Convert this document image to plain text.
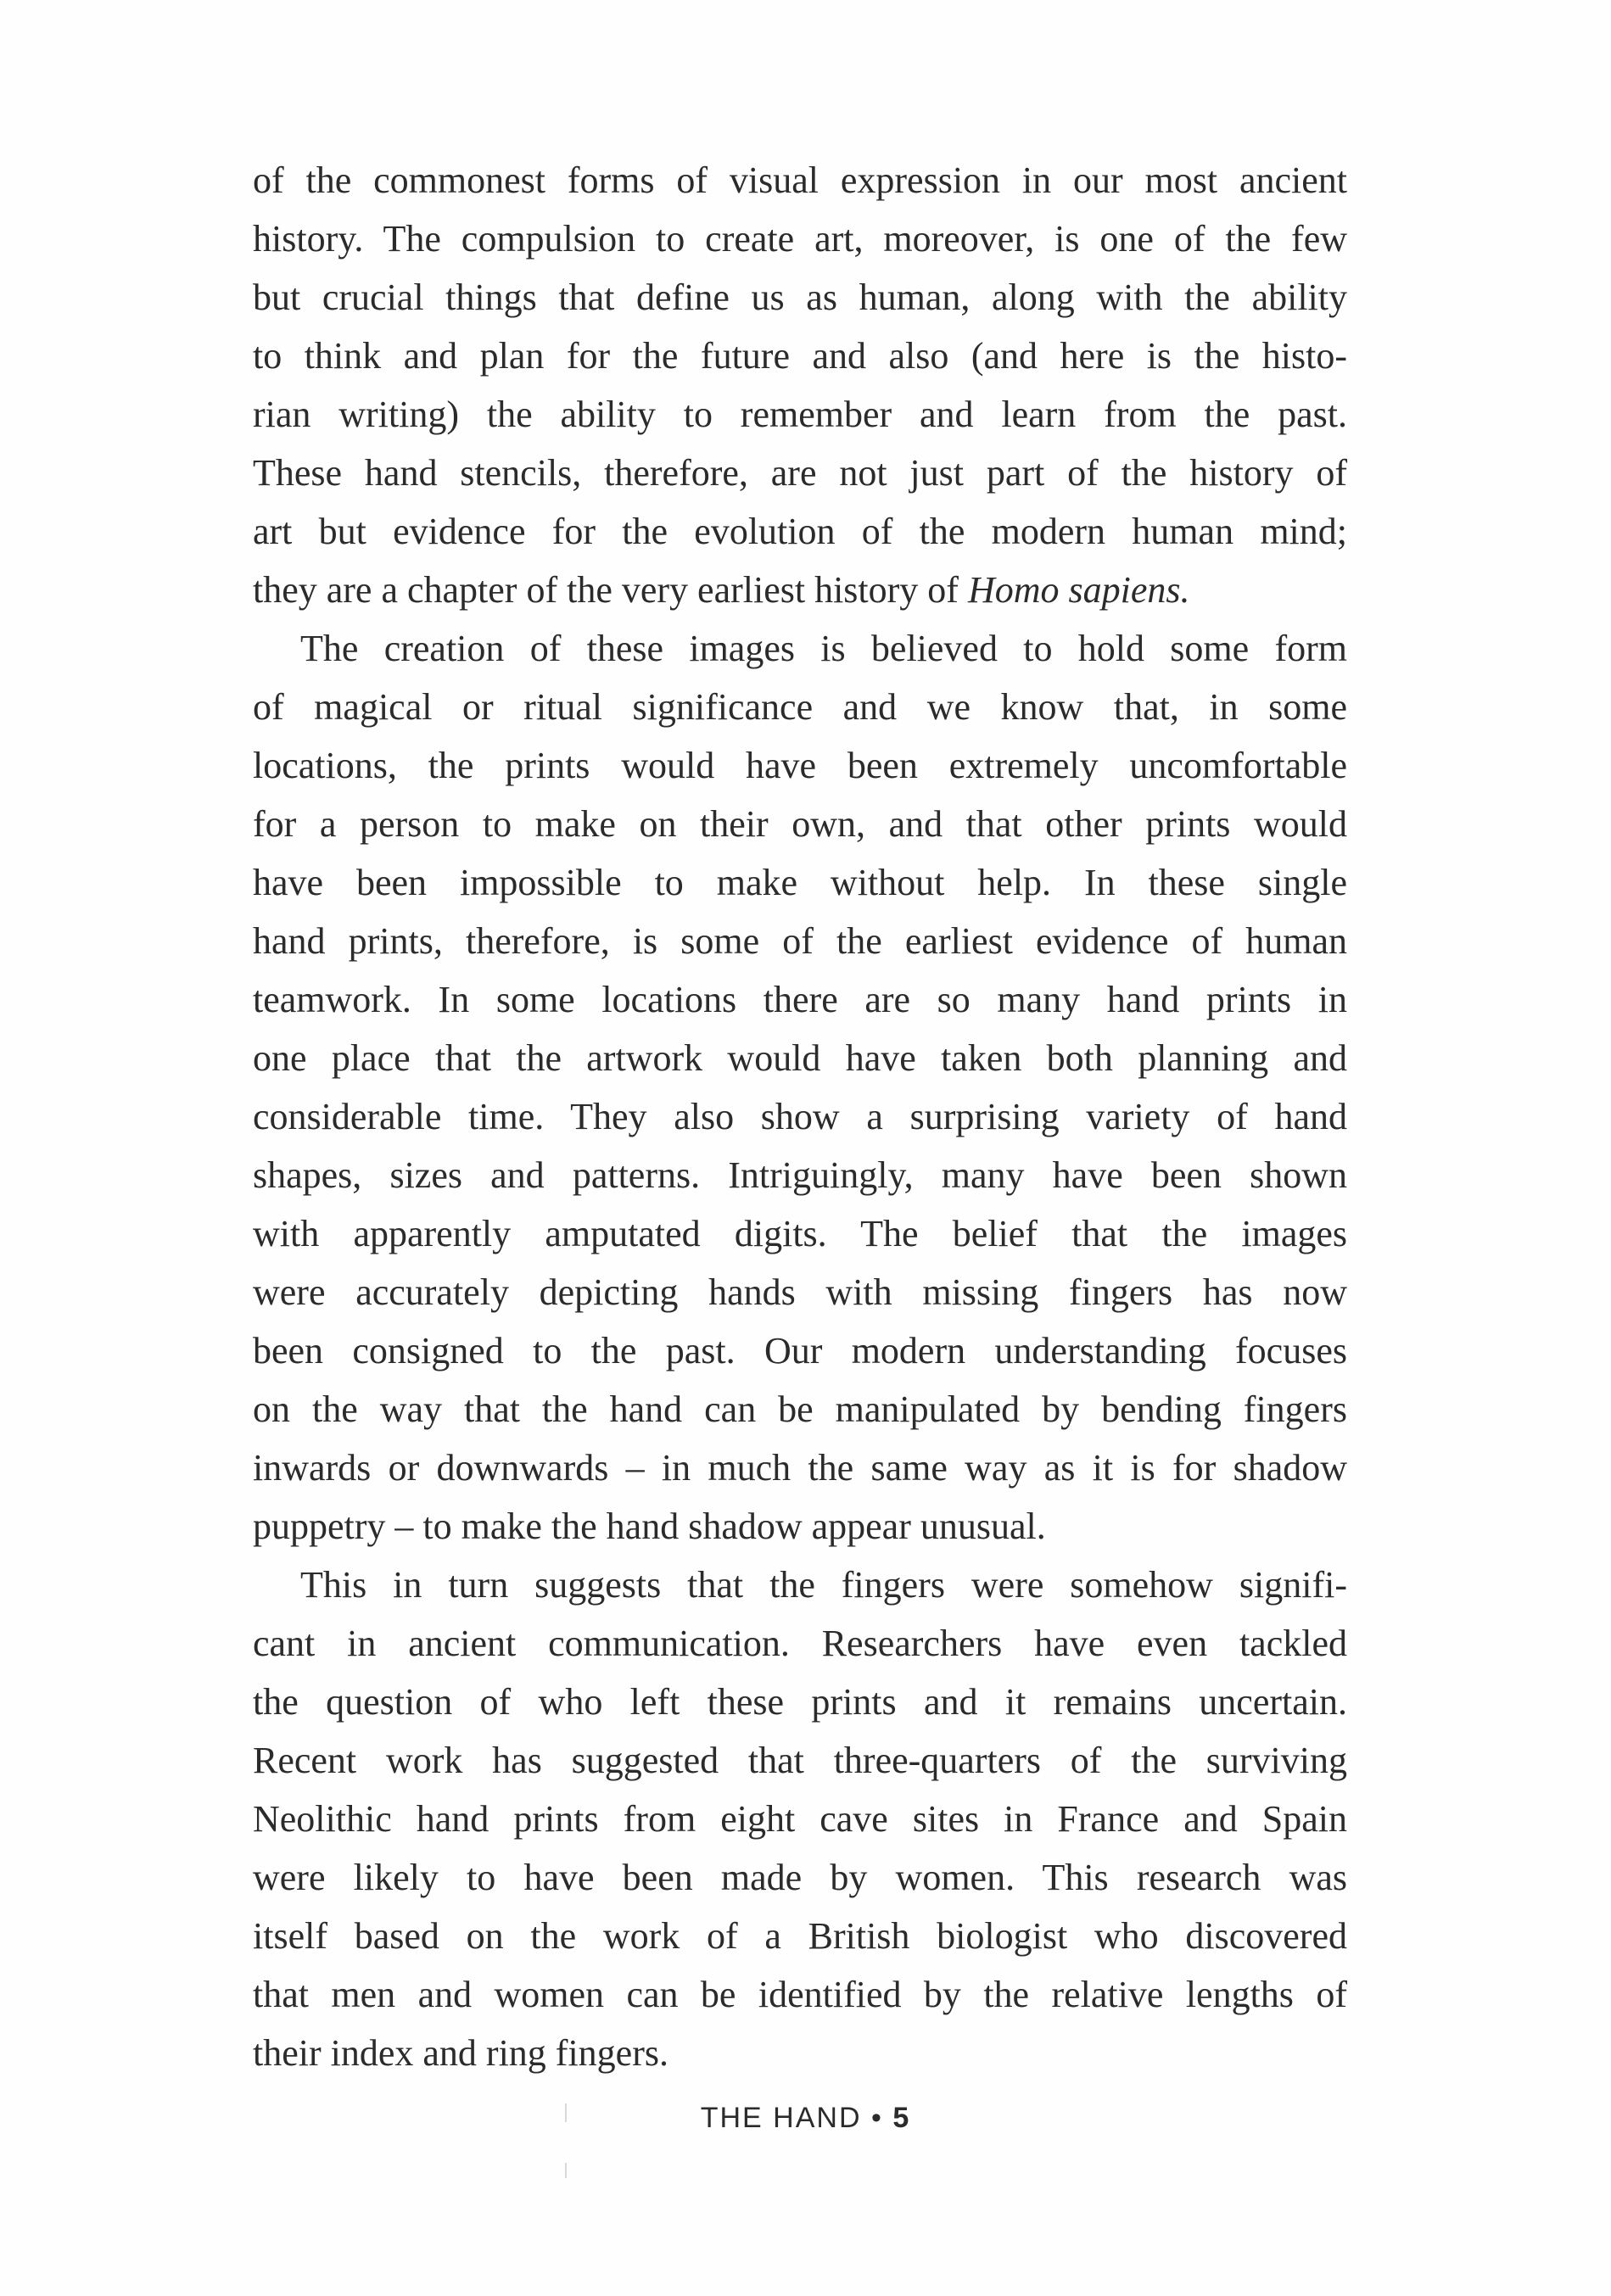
of the commonest forms of visual expression in our most ancient
history. The compulsion to create art, moreover, is one of the few
but crucial things that define us as human, along with the ability
to think and plan for the future and also (and here is the histo-
rian writing) the ability to remember and learn from the past.
These hand stencils, therefore, are not just part of the history of
art but evidence for the evolution of the modern human mind;
they are a chapter of the very earliest history of Homo sapiens.
The creation of these images is believed to hold some form
of magical or ritual significance and we know that, in some
locations, the prints would have been extremely uncomfortable
for a person to make on their own, and that other prints would
have been impossible to make without help. In these single
hand prints, therefore, is some of the earliest evidence of human
teamwork. In some locations there are so many hand prints in
one place that the artwork would have taken both planning and
considerable time. They also show a surprising variety of hand
shapes, sizes and patterns. Intriguingly, many have been shown
with apparently amputated digits. The belief that the images
were accurately depicting hands with missing fingers has now
been consigned to the past. Our modern understanding focuses
on the way that the hand can be manipulated by bending fingers
inwards or downwards – in much the same way as it is for shadow
puppetry – to make the hand shadow appear unusual.
This in turn suggests that the fingers were somehow signifi-
cant in ancient communication. Researchers have even tackled
the question of who left these prints and it remains uncertain.
Recent work has suggested that three-quarters of the surviving
Neolithic hand prints from eight cave sites in France and Spain
were likely to have been made by women. This research was
itself based on the work of a British biologist who discovered
that men and women can be identified by the relative lengths of
their index and ring fingers.
THE HAND • 5
